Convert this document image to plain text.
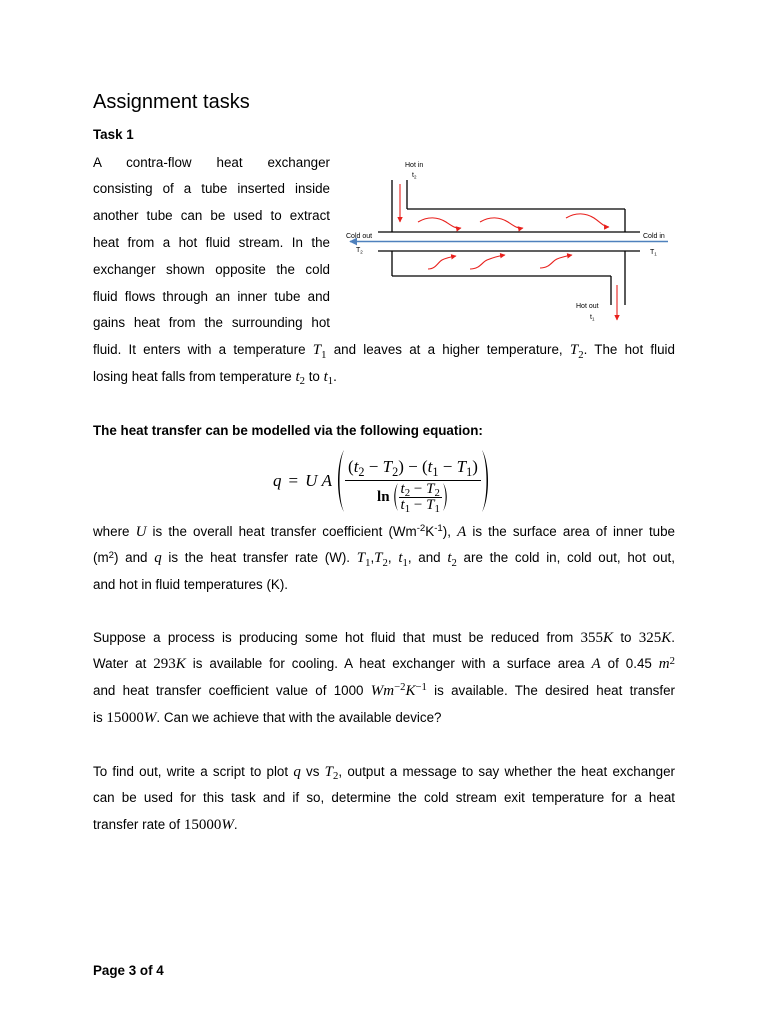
Assignment tasks
Task 1
A contra-flow heat exchanger
consisting of a tube inserted inside
another tube can be used to extract
heat from a hot fluid stream. In the
exchanger shown opposite the cold
fluid flows through an inner tube and
gains heat from the surrounding hot
fluid. It enters with a temperature $T_1$ and leaves at a higher temperature, $T_2$. The hot fluid
losing heat falls from temperature $t_2$ to $t_1$.
Hot in
$t_2$
Cold out
$T_2$
Cold in
$T_1$
Hot out
$t_1$
The heat transfer can be modelled via the following equation:
q = U A
$(t_2 - T_2) - (t_1 - T_1)$
$\ln t_2 - T_2$
$t_1 - T_1$
where U is the overall heat transfer coefficient $(Wm^{-2}K^{-1})$, A is the surface area of inner tube
$(m^2)$ and q is the heat transfer rate (W). $T_1,T_2$, $t_1$, and $t_2$ are the cold in, cold out, hot out,
and hot in fluid temperatures (K).
Suppose a process is producing some hot fluid that must be reduced from 355K to 325K.
Water at 293K is available for cooling. A heat exchanger with a surface area A of 0.45 $m^2$
and heat transfer coefficient value of 1000 $Wm^{-2}K^{-1}$ is available. The desired heat transfer
is 15000W. Can we achieve that with the available device?
To find out, write a script to plot q vs $T_2$, output a message to say whether the heat exchanger
can be used for this task and if so, determine the cold stream exit temperature for a heat
transfer rate of 15000W.
Page 3 of 4
